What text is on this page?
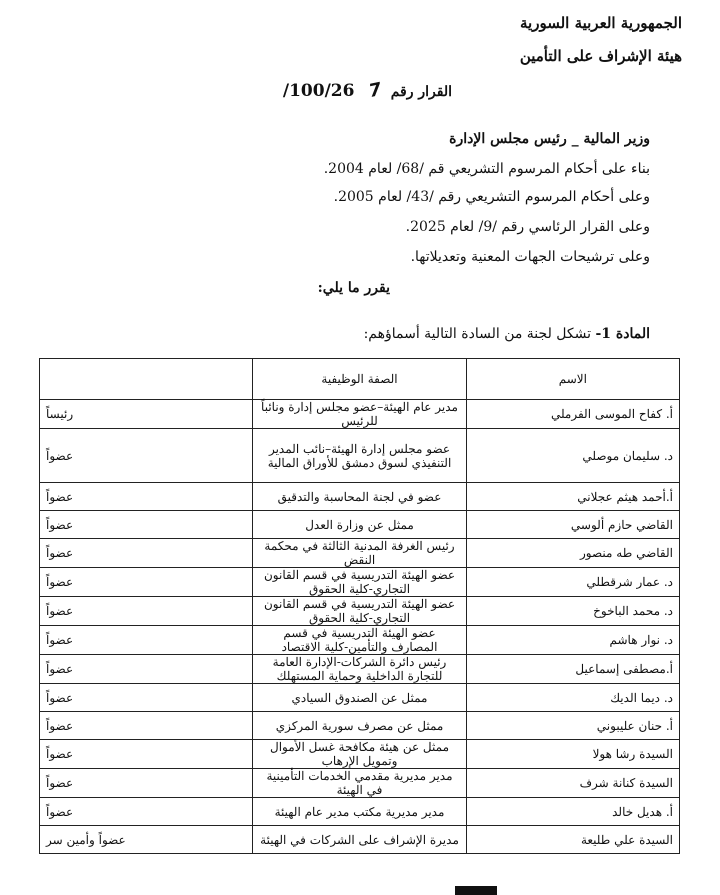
الجمهورية العربية السورية
هيئة الإشراف على التأمين
القرار رقم 7 100/26/
وزير المالية _ رئيس مجلس الإدارة
بناء على أحكام المرسوم التشريعي قم /68/ لعام 2004.
وعلى أحكام المرسوم التشريعي رقم /43/ لعام 2005.
وعلى القرار الرئاسي رقم /9/ لعام 2025.
وعلى ترشيحات الجهات المعنية وتعديلاتها.
يقرر ما يلي:
المادة 1- تشكل لجنة من السادة التالية أسماؤهم:
الاسم	الصفة الوظيفية	
أ. كفاح الموسى الفرملي	مدير عام الهيئة–عضو مجلس إدارة ونائباً للرئيس	رئيساً
د. سليمان موصلي	عضو مجلس إدارة الهيئة–نائب المدير التنفيذي لسوق دمشق للأوراق المالية	عضواً
أ.أحمد هيثم عجلاني	عضو في لجنة المحاسبة والتدقيق	عضواً
القاضي حازم ألوسي	ممثل عن وزارة العدل	عضواً
القاضي طه منصور	رئيس الغرفة المدنية الثالثة في محكمة النقض	عضواً
د. عمار شرقطلي	عضو الهيئة التدريسية في قسم القانون التجاري-كلية الحقوق	عضواً
د. محمد الباخوخ	عضو الهيئة التدريسية في قسم القانون التجاري-كلية الحقوق	عضواً
د. نوار هاشم	عضو الهيئة التدريسية في قسم المصارف والتأمين-كلية الاقتصاد	عضواً
أ.مصطفى إسماعيل	رئيس دائرة الشركات-الإدارة العامة للتجارة الداخلية وحماية المستهلك	عضواً
د. ديما الديك	ممثل عن الصندوق السيادي	عضواً
أ. حنان عليبوني	ممثل عن مصرف سورية المركزي	عضواً
السيدة رشا هولا	ممثل عن هيئة مكافحة غسل الأموال وتمويل الإرهاب	عضواً
السيدة كنانة شرف	مدير مديرية مقدمي الخدمات التأمينية في الهيئة	عضواً
أ. هديل خالد	مدير مديرية مكتب مدير عام الهيئة	عضواً
السيدة علي طليعة	مديرة الإشراف على الشركات في الهيئة	عضواً وأمين سر
